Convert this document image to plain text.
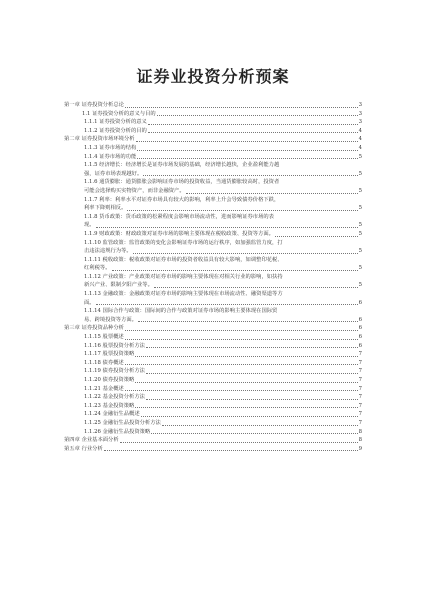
证券业投资分析预案
第一章 证券投资分析总论	3
1.1 证券投资分析的意义与目的	3
1.1.1 证券投资分析的意义	3
1.1.2 证券投资分析的目的	4
第二章 证券投资市场环境分析	4
1.1.3 证券市场的结构	4
1.1.4 证券市场的功能	5
1.1.5 经济增长：经济增长是证券市场发展的基础，经济增长越快，企业盈利能力越
强，证券市场表现越好。	5
1.1.6 通货膨胀：通货膨胀会影响证券市场的投资收益，当通货膨胀较高时，投资者
可能会选择购买实物资产，而非金融资产。	5
1.1.7 利率：利率水平对证券市场具有较大的影响，利率上升会导致债券价格下跌，
利率下降则相反。	5
1.1.8 货币政策：货币政策的松紧程度会影响市场流动性，进而影响证券市场的表
现。	5
1.1.9 财政政策：财政政策对证券市场的影响主要体现在税收政策、投资等方面。	5
1.1.10 监管政策：监管政策的变化会影响证券市场的运行秩序，如加强监管力度，打
击违法违规行为等。	5
1.1.11 税收政策：税收政策对证券市场的投资者收益具有较大影响，如调整印花税、
红利税等。	5
1.1.12 产业政策：产业政策对证券市场的影响主要体现在对相关行业的影响，如扶持
新兴产业、限制夕阳产业等。	5
1.1.13 金融政策：金融政策对证券市场的影响主要体现在市场流动性、融资渠道等方
面。	6
1.1.14 国际合作与政策：国际间的合作与政策对证券市场的影响主要体现在国际贸
易、跨境投资等方面。	6
第三章 证券投资品种分析	6
1.1.15 股票概述	6
1.1.16 股票投资分析方法	6
1.1.17 股票投资策略	7
1.1.18 债券概述	7
1.1.19 债券投资分析方法	7
1.1.20 债券投资策略	7
1.1.21 基金概述	7
1.1.22 基金投资分析方法	7
1.1.23 基金投资策略	7
1.1.24 金融衍生品概述	7
1.1.25 金融衍生品投资分析方法	7
1.1.26 金融衍生品投资策略	8
第四章 企业基本面分析	8
第五章 行业分析	9
